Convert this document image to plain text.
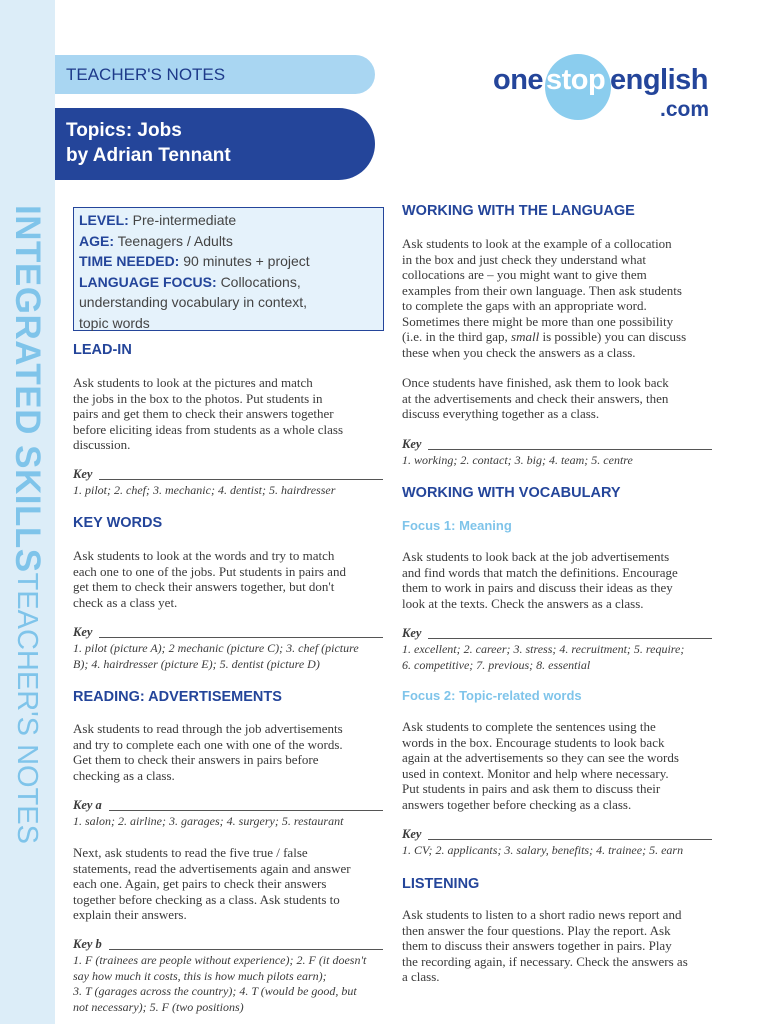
INTEGRATED SKILLSTEACHER'S NOTES
TEACHER'S NOTES
Topics: Jobs
by Adrian Tennant
one stop english
.com
LEVEL: Pre-intermediate
AGE: Teenagers / Adults
TIME NEEDED: 90 minutes + project
LANGUAGE FOCUS: Collocations,
understanding vocabulary in context,
topic words
LEAD-IN
Ask students to look at the pictures and match
the jobs in the box to the photos. Put students in
pairs and get them to check their answers together
before eliciting ideas from students as a whole class
discussion.
Key
1. pilot; 2. chef; 3. mechanic; 4. dentist; 5. hairdresser
KEY WORDS
Ask students to look at the words and try to match
each one to one of the jobs. Put students in pairs and
get them to check their answers together, but don't
check as a class yet.
Key
1. pilot (picture A); 2 mechanic (picture C); 3. chef (picture
B); 4. hairdresser (picture E); 5. dentist (picture D)
READING: ADVERTISEMENTS
Ask students to read through the job advertisements
and try to complete each one with one of the words.
Get them to check their answers in pairs before
checking as a class.
Key a
1. salon; 2. airline; 3. garages; 4. surgery; 5. restaurant
Next, ask students to read the five true / false
statements, read the advertisements again and answer
each one. Again, get pairs to check their answers
together before checking as a class. Ask students to
explain their answers.
Key b
1. F (trainees are people without experience); 2. F (it doesn't
say how much it costs, this is how much pilots earn);
3. T (garages across the country); 4. T (would be good, but
not necessary); 5. F (two positions)
WORKING WITH THE LANGUAGE
Ask students to look at the example of a collocation
in the box and just check they understand what
collocations are – you might want to give them
examples from their own language. Then ask students
to complete the gaps with an appropriate word.
Sometimes there might be more than one possibility
(i.e. in the third gap, small is possible) you can discuss
these when you check the answers as a class.
Once students have finished, ask them to look back
at the advertisements and check their answers, then
discuss everything together as a class.
Key
1. working; 2. contact; 3. big; 4. team; 5. centre
WORKING WITH VOCABULARY
Focus 1: Meaning
Ask students to look back at the job advertisements
and find words that match the definitions. Encourage
them to work in pairs and discuss their ideas as they
look at the texts. Check the answers as a class.
Key
1. excellent; 2. career; 3. stress; 4. recruitment; 5. require;
6. competitive; 7. previous; 8. essential
Focus 2: Topic-related words
Ask students to complete the sentences using the
words in the box. Encourage students to look back
again at the advertisements so they can see the words
used in context. Monitor and help where necessary.
Put students in pairs and ask them to discuss their
answers together before checking as a class.
Key
1. CV; 2. applicants; 3. salary, benefits; 4. trainee; 5. earn
LISTENING
Ask students to listen to a short radio news report and
then answer the four questions. Play the report. Ask
them to discuss their answers together in pairs. Play
the recording again, if necessary. Check the answers as
a class.
